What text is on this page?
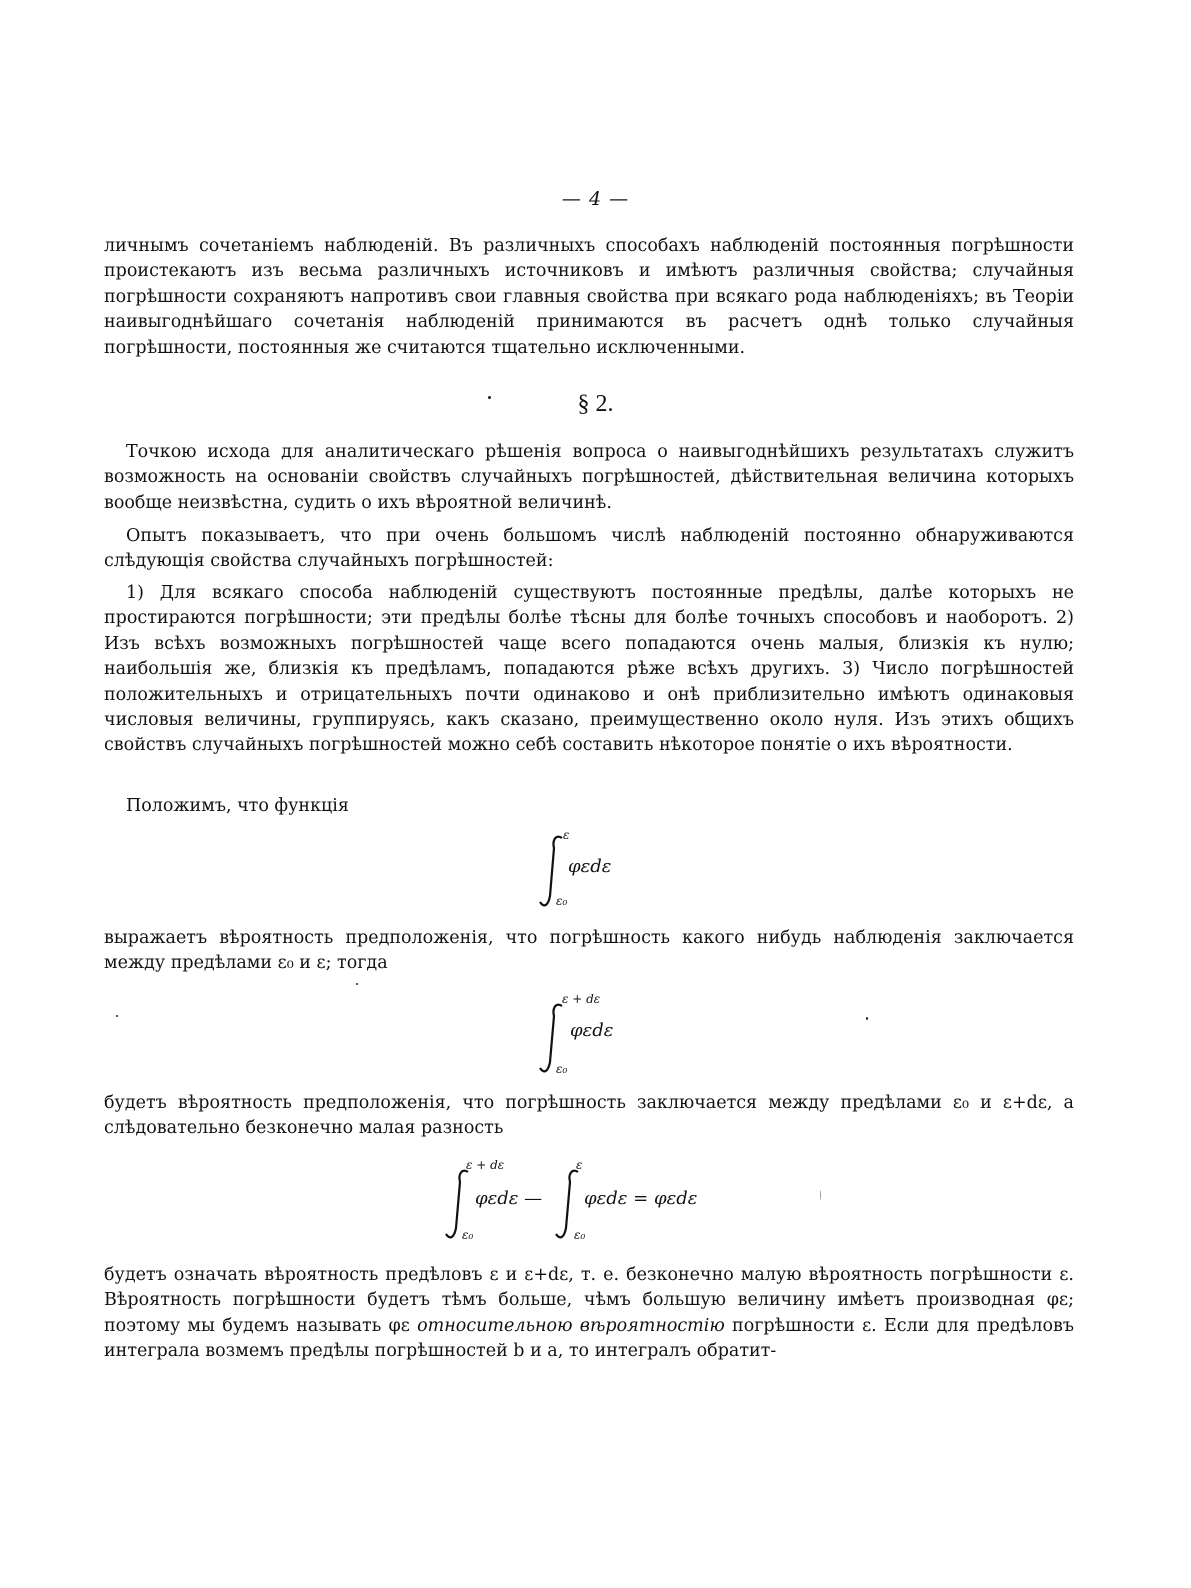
— 4 —

личнымъ сочетаніемъ наблюденій. Въ различныхъ способахъ наблюденій постоянныя погрѣшности проистекаютъ изъ весьма различныхъ источниковъ и имѣютъ различныя свойства; случайныя погрѣшности сохраняютъ напротивъ свои главныя свойства при всякаго рода наблюденіяхъ; въ Теоріи наивыгоднѣйшаго сочетанія наблюденій принимаются въ расчетъ однѣ только случайныя погрѣшности, постоянныя же считаются тщательно исключенными.

§ 2.

Точкою исхода для аналитическаго рѣшенія вопроса о наивыгоднѣйшихъ результатахъ служитъ возможность на основаніи свойствъ случайныхъ погрѣшностей, дѣйствительная величина которыхъ вообще неизвѣстна, судить о ихъ вѣроятной величинѣ.

Опытъ показываетъ, что при очень большомъ числѣ наблюденій постоянно обнаруживаются слѣдующія свойства случайныхъ погрѣшностей:

1) Для всякаго способа наблюденій существуютъ постоянные предѣлы, далѣе которыхъ не простираются погрѣшности; эти предѣлы болѣе тѣсны для болѣе точныхъ способовъ и наоборотъ. 2) Изъ всѣхъ возможныхъ погрѣшностей чаще всего попадаются очень малыя, близкія къ нулю; наибольшія же, близкія къ предѣламъ, попадаются рѣже всѣхъ другихъ. 3) Число погрѣшностей положительныхъ и отрицательныхъ почти одинаково и онѣ приблизительно имѣютъ одинаковыя числовыя величины, группируясь, какъ сказано, преимущественно около нуля. Изъ этихъ общихъ свойствъ случайныхъ погрѣшностей можно себѣ составить нѣкоторое понятіе о ихъ вѣроятности.

Положимъ, что функція

ε
φεdε
ε₀

выражаетъ вѣроятность предположенія, что погрѣшность какого нибудь наблюденія заключается между предѣлами ε₀ и ε; тогда

ε + dε
φεdε
ε₀

будетъ вѣроятность предположенія, что погрѣшность заключается между предѣлами ε₀ и ε+dε, а слѣдовательно безконечно малая разность

ε + dε
φεdε —
ε₀
ε
φεdε = φεdε
ε₀

будетъ означать вѣроятность предѣловъ ε и ε+dε, т. е. безконечно малую вѣроятность погрѣшности ε. Вѣроятность погрѣшности будетъ тѣмъ больше, чѣмъ большую величину имѣетъ производная φε; поэтому мы будемъ называть φε относительною вѣроятностію погрѣшности ε. Если для предѣловъ интеграла возмемъ предѣлы погрѣшностей b и a, то интегралъ обратит-
